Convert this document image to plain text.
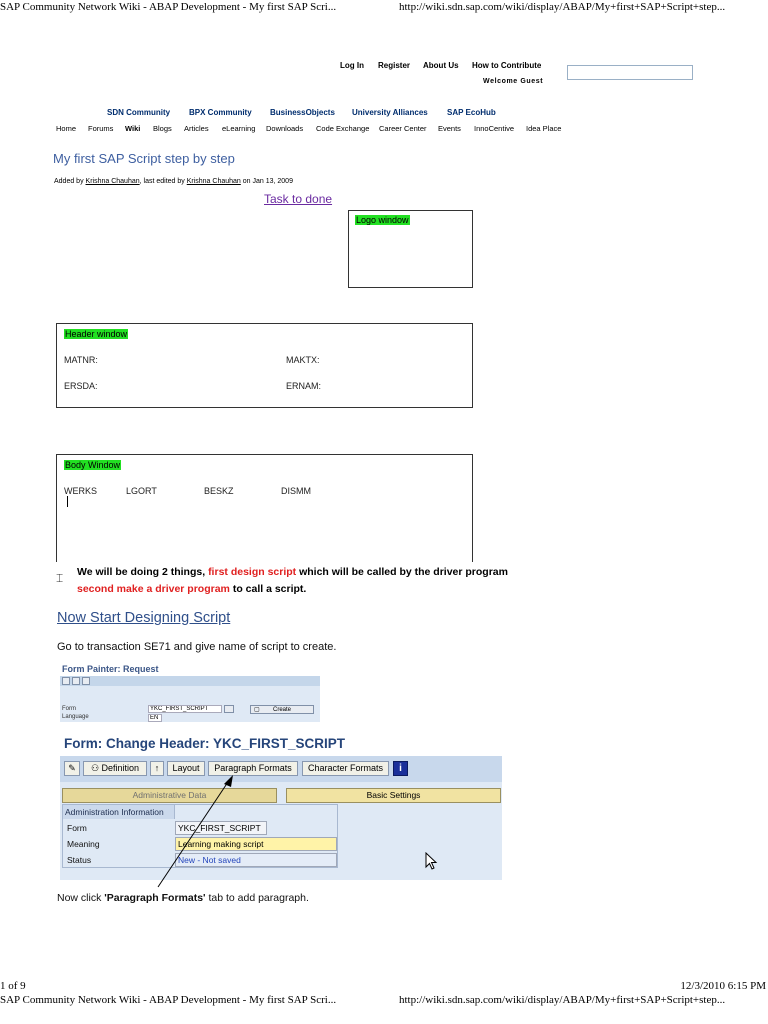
SAP Community Network Wiki - ABAP Development - My first SAP Scri...	http://wiki.sdn.sap.com/wiki/display/ABAP/My+first+SAP+Script+step...
Log In Register About Us How to Contribute
Welcome Guest
SDN Community BPX Community BusinessObjects University Alliances SAP EcoHub
Home Forums Wiki Blogs Articles eLearning Downloads Code Exchange Career Center Events InnoCentive Idea Place
My first SAP Script step by step
Added by Krishna Chauhan, last edited by Krishna Chauhan on Jan 13, 2009
Task to done
Logo window
Header window
MATNR:	MAKTX:
ERSDA:	ERNAM:
Body Window
WERKS	LGORT	BESKZ	DISMM
⌶ We will be doing 2 things, first design script which will be called by the driver program
second make a driver program to call a script.
Now Start Designing Script
Go to transaction SE71 and give name of script to create.
Form Painter: Request
Form	YKC_FIRST_SCRIPT
Language	EN
▢ Create
Form: Change Header: YKC_FIRST_SCRIPT
✎	⚇ Definition	↑	Layout	Paragraph Formats	Character Formats	i
Administrative Data	Basic Settings
Administration Information
Form	YKC_FIRST_SCRIPT
Meaning	Learning making script
Status	New - Not saved
Now click 'Paragraph Formats' tab to add paragraph.
1 of 9	12/3/2010 6:15 PM
SAP Community Network Wiki - ABAP Development - My first SAP Scri...	http://wiki.sdn.sap.com/wiki/display/ABAP/My+first+SAP+Script+step...
